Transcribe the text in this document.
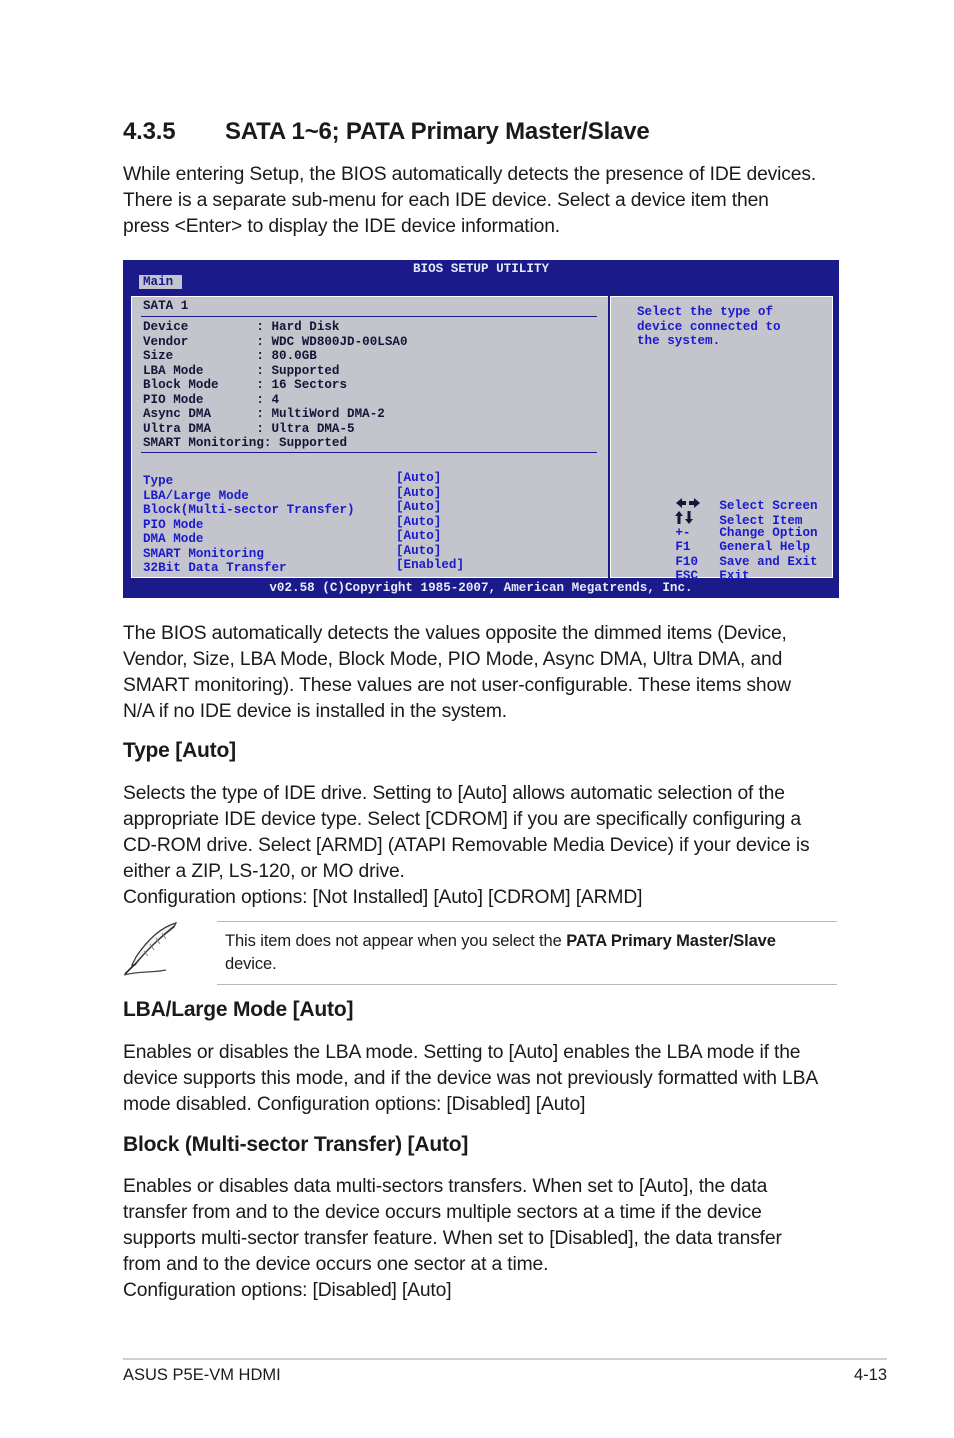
4.3.5 SATA 1~6; PATA Primary Master/Slave

While entering Setup, the BIOS automatically detects the presence of IDE devices.

There is a separate sub-menu for each IDE device. Select a device item then

press <Enter> to display the IDE device information.

BIOS SETUP UTILITY
Main
SATA 1
Device         : Hard Disk
Vendor         : WDC WD800JD-00LSA0
Size           : 80.0GB
LBA Mode       : Supported
Block Mode     : 16 Sectors
PIO Mode       : 4
Async DMA      : MultiWord DMA-2
Ultra DMA      : Ultra DMA-5
SMART Monitoring: Supported
Type	[Auto]
LBA/Large Mode	[Auto]
Block(Multi-sector Transfer)	[Auto]
PIO Mode	[Auto]
DMA Mode	[Auto]
SMART Monitoring	[Auto]
32Bit Data Transfer	[Enabled]
Select the type of
device connected to
the system.

Select Screen

Select Item

+- Change Option

F1 General Help

F10 Save and Exit

ESC Exit

v02.58 (C)Copyright 1985-2007, American Megatrends, Inc.

The BIOS automatically detects the values opposite the dimmed items (Device,

Vendor, Size, LBA Mode, Block Mode, PIO Mode, Async DMA, Ultra DMA, and

SMART monitoring). These values are not user-configurable. These items show

N/A if no IDE device is installed in the system.

Type [Auto]

Selects the type of IDE drive. Setting to [Auto] allows automatic selection of the

appropriate IDE device type. Select [CDROM] if you are specifically configuring a

CD-ROM drive. Select [ARMD] (ATAPI Removable Media Device) if your device is

either a ZIP, LS-120, or MO drive.

Configuration options: [Not Installed] [Auto] [CDROM] [ARMD]

This item does not appear when you select the PATA Primary Master/Slave
device.
LBA/Large Mode [Auto]

Enables or disables the LBA mode. Setting to [Auto] enables the LBA mode if the

device supports this mode, and if the device was not previously formatted with LBA

mode disabled. Configuration options: [Disabled] [Auto]

Block (Multi-sector Transfer) [Auto]

Enables or disables data multi-sectors transfers. When set to [Auto], the data

transfer from and to the device occurs multiple sectors at a time if the device

supports multi-sector transfer feature. When set to [Disabled], the data transfer

from and to the device occurs one sector at a time.

Configuration options: [Disabled] [Auto]

ASUS P5E-VM HDMI	4-13
